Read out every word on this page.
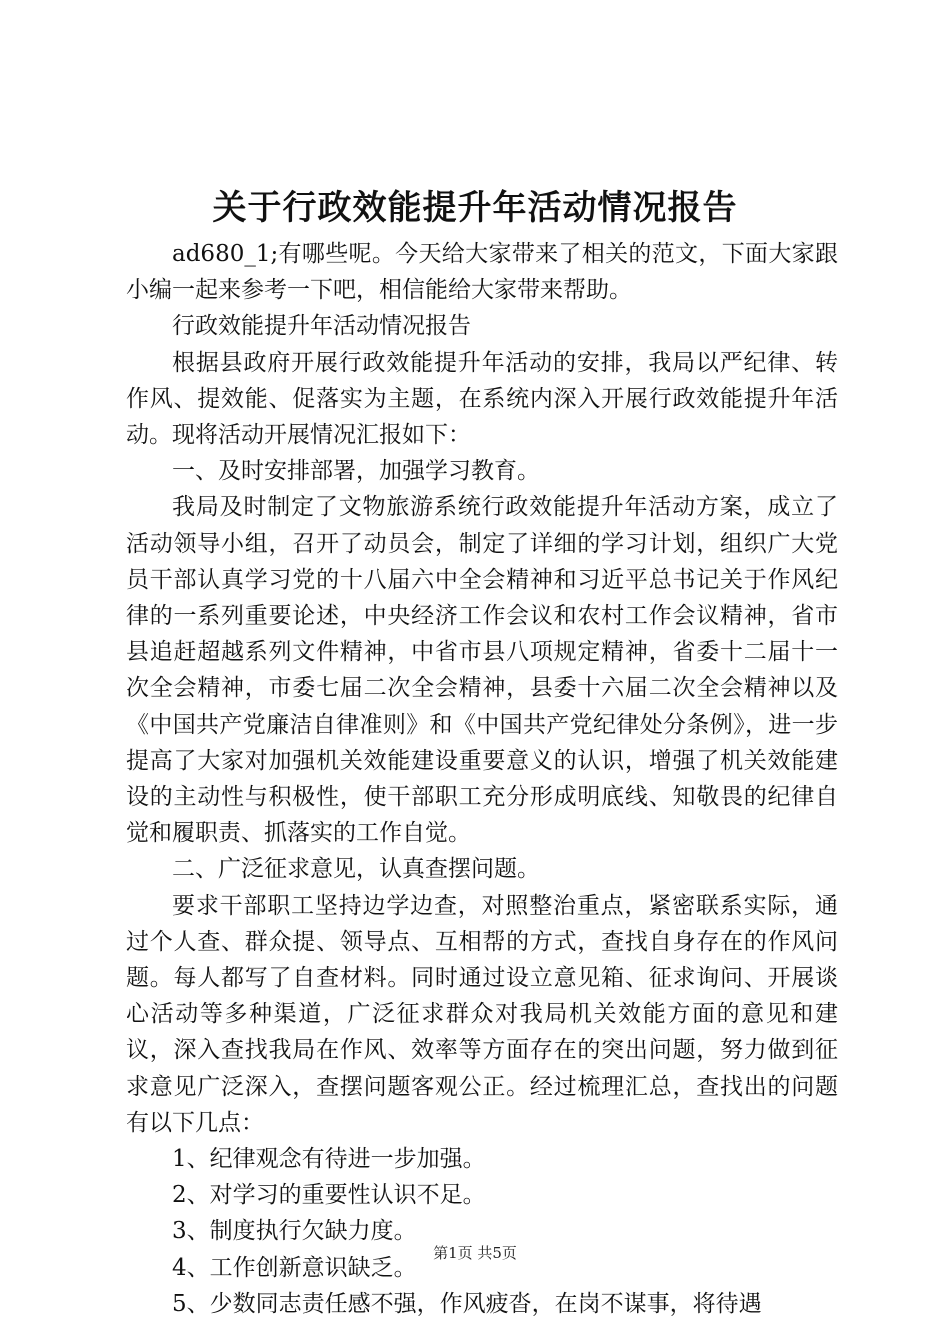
关于行政效能提升年活动情况报告

ad680_1;有哪些呢。今天给大家带来了相关的范文，下面大家跟小编一起来参考一下吧，相信能给大家带来帮助。

行政效能提升年活动情况报告

根据县政府开展行政效能提升年活动的安排，我局以严纪律、转作风、提效能、促落实为主题，在系统内深入开展行政效能提升年活动。现将活动开展情况汇报如下：

一、及时安排部署，加强学习教育。

我局及时制定了文物旅游系统行政效能提升年活动方案，成立了活动领导小组，召开了动员会，制定了详细的学习计划，组织广大党员干部认真学习党的十八届六中全会精神和习近平总书记关于作风纪律的一系列重要论述，中央经济工作会议和农村工作会议精神，省市县追赶超越系列文件精神，中省市县八项规定精神，省委十二届十一次全会精神，市委七届二次全会精神，县委十六届二次全会精神以及《中国共产党廉洁自律准则》和《中国共产党纪律处分条例》，进一步提高了大家对加强机关效能建设重要意义的认识，增强了机关效能建设的主动性与积极性，使干部职工充分形成明底线、知敬畏的纪律自觉和履职责、抓落实的工作自觉。

二、广泛征求意见，认真查摆问题。

要求干部职工坚持边学边查，对照整治重点，紧密联系实际，通过个人查、群众提、领导点、互相帮的方式，查找自身存在的作风问题。每人都写了自查材料。同时通过设立意见箱、征求询问、开展谈心活动等多种渠道，广泛征求群众对我局机关效能方面的意见和建议，深入查找我局在作风、效率等方面存在的突出问题，努力做到征求意见广泛深入，查摆问题客观公正。经过梳理汇总，查找出的问题有以下几点：

1、纪律观念有待进一步加强。

2、对学习的重要性认识不足。

3、制度执行欠缺力度。

4、工作创新意识缺乏。

5、少数同志责任感不强，作风疲沓，在岗不谋事，将待遇

第1页 共5页
